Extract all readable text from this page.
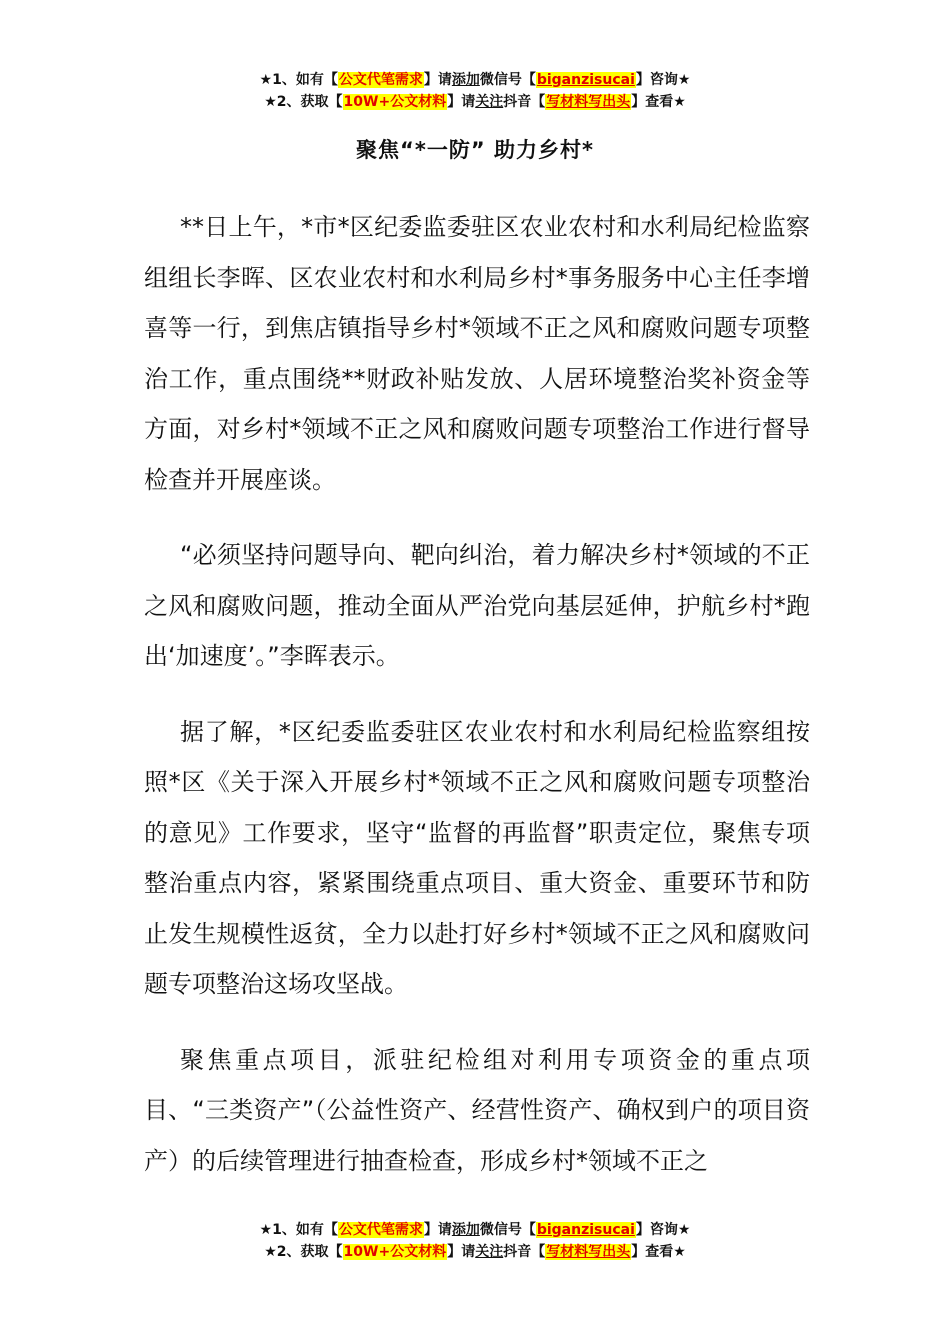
★1、如有【公文代笔需求】请添加微信号【biganzisucai】咨询★
★2、获取【10W+公文材料】请关注抖音【写材料写出头】查看★
聚焦“*一防” 助力乡村*

**日上午，*市*区纪委监委驻区农业农村和水利局纪检监察组组长李晖、区农业农村和水利局乡村*事务服务中心主任李增喜等一行，到焦店镇指导乡村*领域不正之风和腐败问题专项整治工作，重点围绕**财政补贴发放、人居环境整治奖补资金等方面，对乡村*领域不正之风和腐败问题专项整治工作进行督导检查并开展座谈。

“必须坚持问题导向、靶向纠治，着力解决乡村*领域的不正之风和腐败问题，推动全面从严治党向基层延伸，护航乡村*跑出‘加速度’。”李晖表示。

据了解，*区纪委监委驻区农业农村和水利局纪检监察组按照*区《关于深入开展乡村*领域不正之风和腐败问题专项整治的意见》工作要求，坚守“监督的再监督”职责定位，聚焦专项整治重点内容，紧紧围绕重点项目、重大资金、重要环节和防止发生规模性返贫，全力以赴打好乡村*领域不正之风和腐败问题专项整治这场攻坚战。

聚焦重点项目，派驻纪检组对利用专项资金的重点项目、“三类资产”（公益性资产、经营性资产、确权到户的项目资产）的后续管理进行抽查检查，形成乡村*领域不正之

★1、如有【公文代笔需求】请添加微信号【biganzisucai】咨询★
★2、获取【10W+公文材料】请关注抖音【写材料写出头】查看★
